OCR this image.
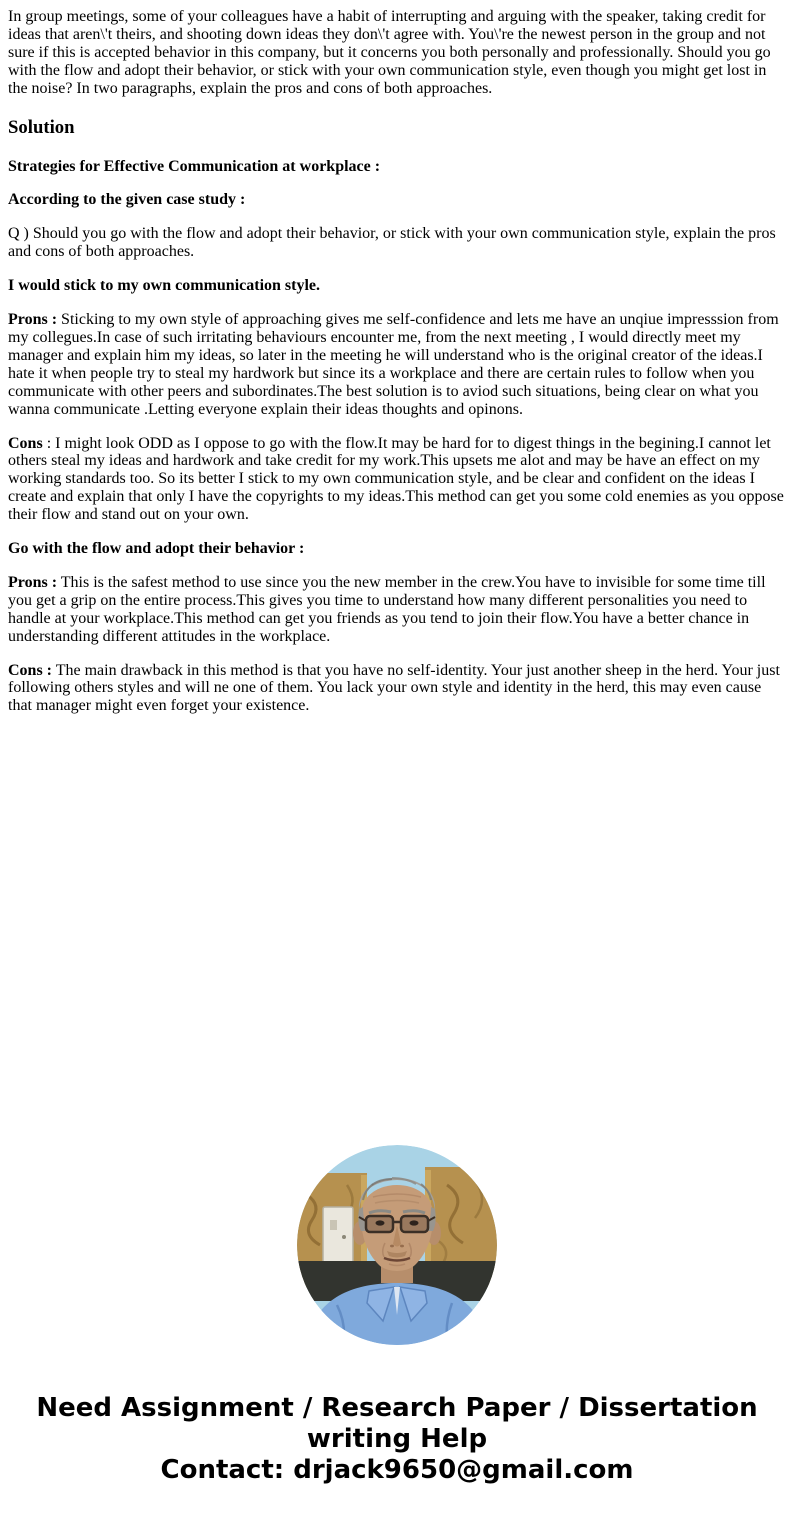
In group meetings, some of your colleagues have a habit of interrupting and arguing with the speaker, taking credit for ideas that aren\'t theirs, and shooting down ideas they don\'t agree with. You\'re the newest person in the group and not sure if this is accepted behavior in this company, but it concerns you both personally and professionally. Should you go with the flow and adopt their behavior, or stick with your own communication style, even though you might get lost in the noise? In two paragraphs, explain the pros and cons of both approaches.

Solution

Strategies for Effective Communication at workplace :

According to the given case study :

Q ) Should you go with the flow and adopt their behavior, or stick with your own communication style, explain the pros and cons of both approaches.

I would stick to my own communication style.

Prons : Sticking to my own style of approaching gives me self-confidence and lets me have an unqiue impresssion from my collegues.In case of such irritating behaviours encounter me, from the next meeting , I would directly meet my manager and explain him my ideas, so later in the meeting he will understand who is the original creator of the ideas.I hate it when people try to steal my hardwork but since its a workplace and there are certain rules to follow when you communicate with other peers and subordinates.The best solution is to aviod such situations, being clear on what you wanna communicate .Letting everyone explain their ideas thoughts and opinons.

Cons : I might look ODD as I oppose to go with the flow.It may be hard for to digest things in the begining.I cannot let others steal my ideas and hardwork and take credit for my work.This upsets me alot and may be have an effect on my working standards too. So its better I stick to my own communication style, and be clear and confident on the ideas I create and explain that only I have the copyrights to my ideas.This method can get you some cold enemies as you oppose their flow and stand out on your own.

Go with the flow and adopt their behavior :

Prons : This is the safest method to use since you the new member in the crew.You have to invisible for some time till you get a grip on the entire process.This gives you time to understand how many different personalities you need to handle at your workplace.This method can get you friends as you tend to join their flow.You have a better chance in understanding different attitudes in the workplace.

Cons : The main drawback in this method is that you have no self-identity. Your just another sheep in the herd. Your just following others styles and will ne one of them. You lack your own style and identity in the herd, this may even cause that manager might even forget your existence.

Need Assignment / Research Paper / Dissertation writing Help
Contact: drjack9650@gmail.com
